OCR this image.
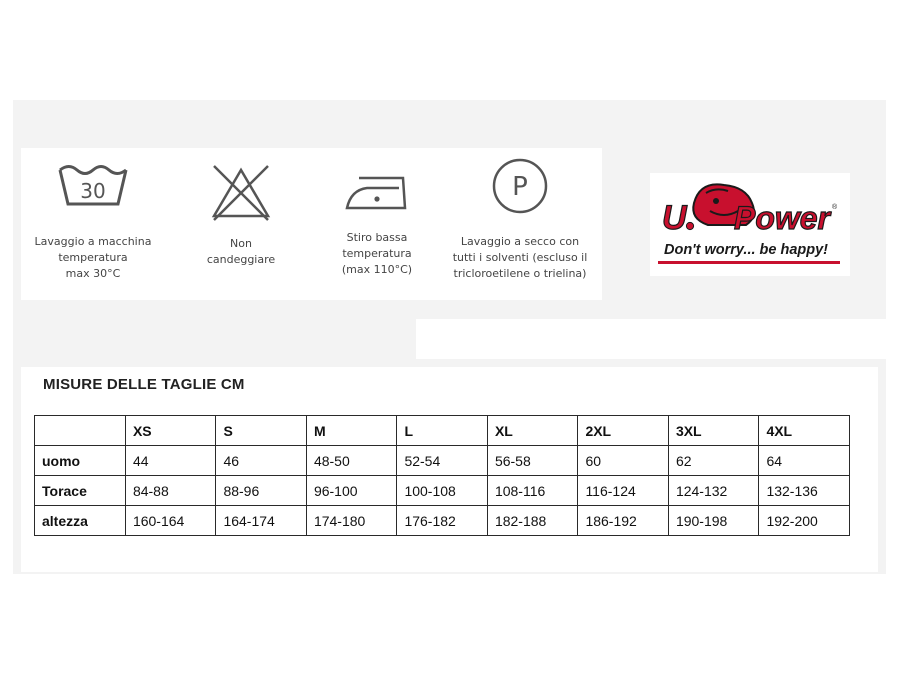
30
Lavaggio a macchina
temperatura
max 30°C
Non
candeggiare
Stiro bassa
temperatura
(max 110°C)
P
Lavaggio a secco con
tutti i solventi (escluso il
tricloroetilene o trielina)
U Power ®
Don't worry... be happy!
MISURE DELLE TAGLIE CM
	XS	S	M	L	XL	2XL	3XL	4XL
uomo	44	46	48-50	52-54	56-58	60	62	64
Torace	84-88	88-96	96-100	100-108	108-116	116-124	124-132	132-136
altezza	160-164	164-174	174-180	176-182	182-188	186-192	190-198	192-200
